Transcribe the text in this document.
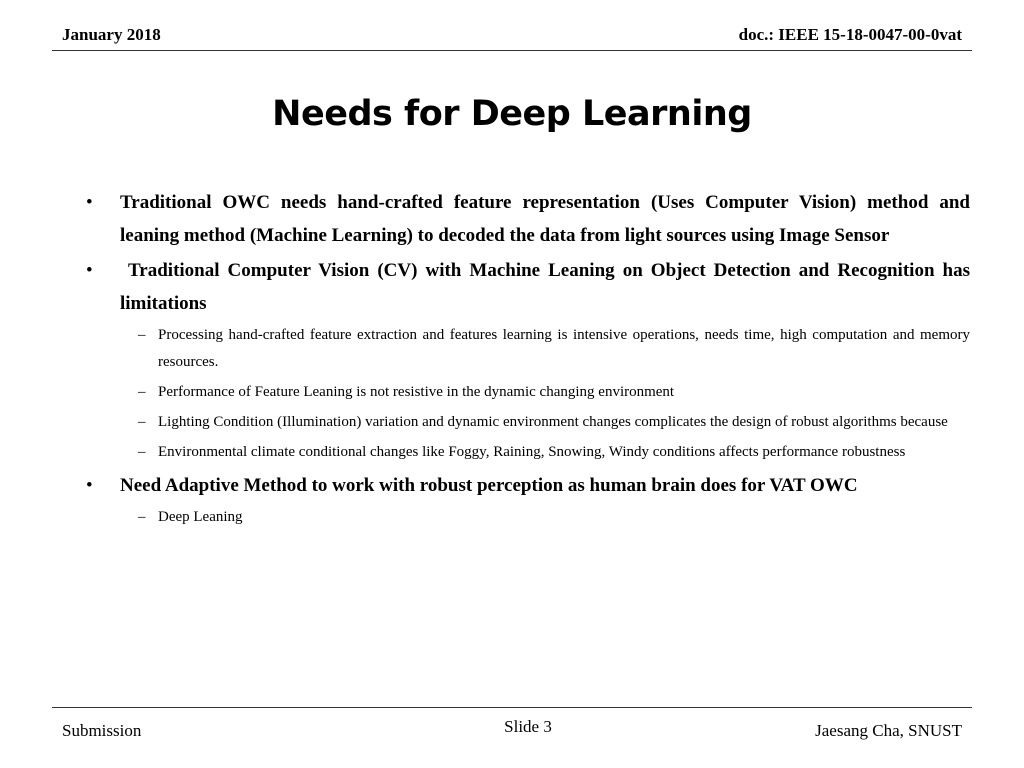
January 2018	doc.: IEEE 15-18-0047-00-0vat
Needs for Deep Learning
• Traditional OWC needs hand-crafted feature representation (Uses Computer Vision) method and leaning method (Machine Learning) to decoded the data from light sources using Image Sensor
• Traditional Computer Vision (CV) with Machine Leaning on Object Detection and Recognition has limitations
– Processing hand-crafted feature extraction and features learning is intensive operations, needs time, high computation and memory resources.
– Performance of Feature Leaning is not resistive in the dynamic changing environment
– Lighting Condition (Illumination) variation and dynamic environment changes complicates the design of robust algorithms because
– Environmental climate conditional changes like Foggy, Raining, Snowing, Windy conditions affects performance robustness
• Need Adaptive Method to work with robust perception as human brain does for VAT OWC
– Deep Leaning
Submission	Slide 3	Jaesang Cha, SNUST
